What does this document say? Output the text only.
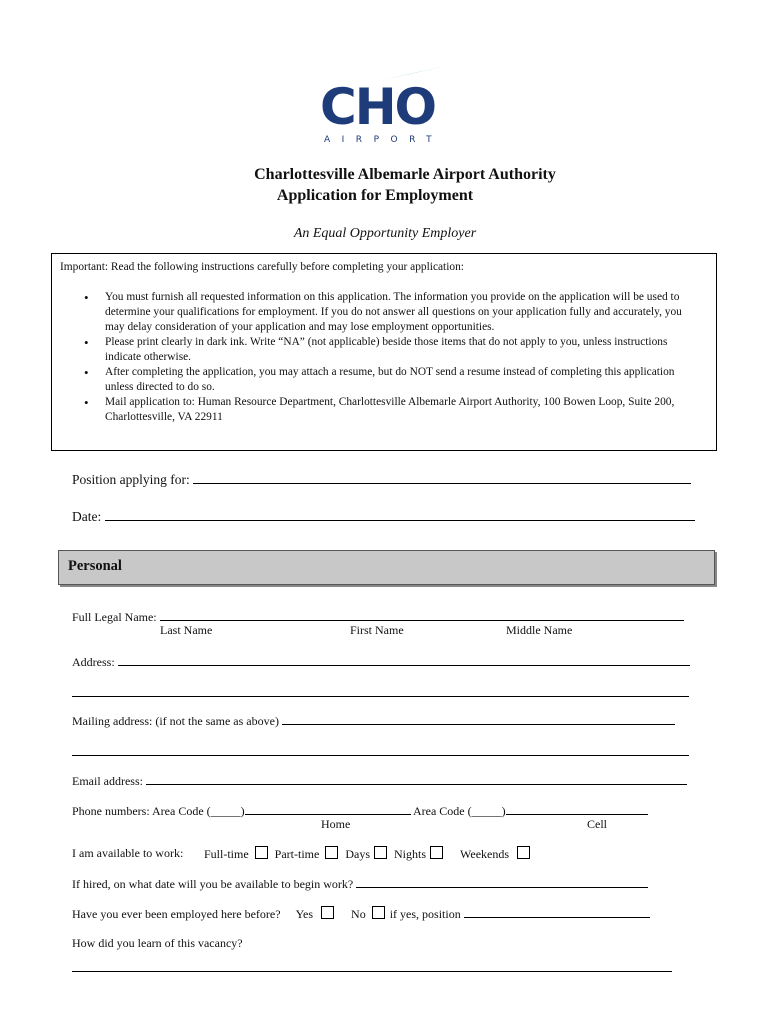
CHO
AIRPORT
Charlottesville Albemarle Airport Authority
Application for Employment
An Equal Opportunity Employer
Important: Read the following instructions carefully before completing your application:
• You must furnish all requested information on this application. The information you provide on the application will be used to determine your qualifications for employment. If you do not answer all questions on your application fully and accurately, you may delay consideration of your application and may lose employment opportunities.
• Please print clearly in dark ink. Write “NA” (not applicable) beside those items that do not apply to you, unless instructions indicate otherwise.
• After completing the application, you may attach a resume, but do NOT send a resume instead of completing this application unless directed to do so.
• Mail application to: Human Resource Department, Charlottesville Albemarle Airport Authority, 100 Bowen Loop, Suite 200, Charlottesville, VA 22911
Position applying for:
Date:
Personal
Full Legal Name:
Last Name	First Name	Middle Name
Address:
Mailing address: (if not the same as above)
Email address:
Phone numbers: Area Code (_____)	Area Code (_____)
Home	Cell
I am available to work: Full-time Part-time Days Nights	Weekends
If hired, on what date will you be available to begin work?
Have you ever been employed here before? Yes	No if yes, position
How did you learn of this vacancy?
